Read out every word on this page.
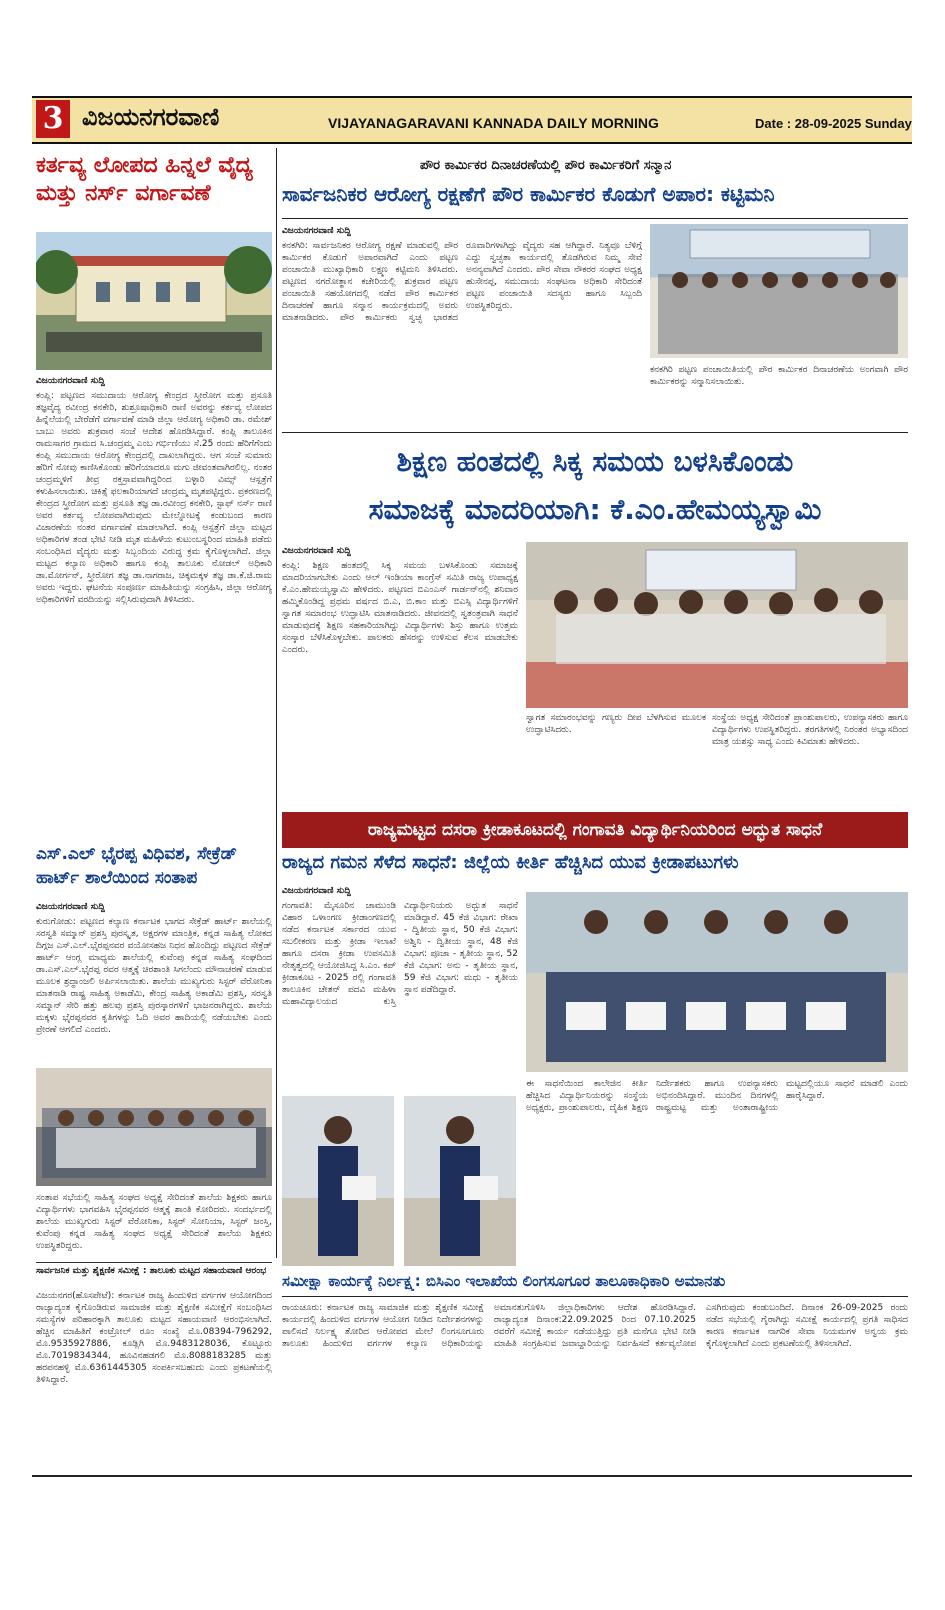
3 ವಿಜಯನಗರವಾಣಿ	VIJAYANAGARAVANI KANNADA DAILY MORNING	Date : 28-09-2025 Sunday
ಕರ್ತವ್ಯ ಲೋಪದ ಹಿನ್ನಲೆ ವೈದ್ಯ ಮತ್ತು ನರ್ಸ್ ವರ್ಗಾವಣೆ
ವಿಜಯನಗರವಾಣಿ ಸುದ್ದಿ
ಕಂಪ್ಲಿ: ಪಟ್ಟಣದ ಸಮುದಾಯ ಆರೋಗ್ಯ ಕೇಂದ್ರದ ಸ್ತ್ರೀರೋಗ ಮತ್ತು ಪ್ರಸೂತಿ ತಜ್ಞವೈದ್ಯ ರವೀಂದ್ರ ಕನಕೇರಿ, ಶುಶ್ರೂಷಾಧಿಕಾರಿ ರಾಣಿ ಅವರನ್ನು ಕರ್ತವ್ಯ ಲೋಪದ ಹಿನ್ನೆಲೆಯಲ್ಲಿ ಬೇರೆಡೆಗೆ ವರ್ಗಾವಣೆ ಮಾಡಿ ಜಿಲ್ಲಾ ಆರೋಗ್ಯ ಅಧಿಕಾರಿ ಡಾ. ರಮೇಶ್ ಬಾಬು ಅವರು ಶುಕ್ರವಾರ ಸಂಜೆ ಆದೇಶ ಹೊರಡಿಸಿದ್ದಾರೆ. ಕಂಪ್ಲಿ ತಾಲೂಕಿನ ರಾಮಸಾಗರ ಗ್ರಾಮದ ಸಿ.ಚಂದ್ರಮ್ಮ ಎಂಬ ಗರ್ಭಿಣಿಯು ಸೆ.25 ರಂದು ಹೆರಿಗೆಗೆಂದು ಕಂಪ್ಲಿ ಸಮುದಾಯ ಆರೋಗ್ಯ ಕೇಂದ್ರದಲ್ಲಿ ದಾಖಲಾಗಿದ್ದರು. ಆಗ ಸಂಜೆ ಸುಮಾರು ಹೆರಿಗೆ ನೋವು ಕಾಣಿಸಿಕೊಂಡು ಹೆರಿಗೆಯಾದರೂ ಮಗು ಜೀವಂತವಾಗಿರಲಿಲ್ಲ. ನಂತರ ಚಂದ್ರಮ್ಮಳಿಗೆ ತೀವ್ರ ರಕ್ತಸ್ರಾವವಾಗಿದ್ದರಿಂದ ಬಳ್ಳಾರಿ ವಿಮ್ಸ್ ಆಸ್ಪತ್ರೆಗೆ ಕಳುಹಿಸಲಾಯಿತು. ಚಿಕಿತ್ಸೆ ಫಲಕಾರಿಯಾಗದೆ ಚಂದ್ರಮ್ಮ ಮೃತಪಟ್ಟಿದ್ದರು. ಪ್ರಕರಣದಲ್ಲಿ ಕೇಂದ್ರದ ಸ್ತ್ರೀರೋಗ ಮತ್ತು ಪ್ರಸೂತಿ ತಜ್ಞ ಡಾ.ರವೀಂದ್ರ ಕನಕೇರಿ, ಸ್ಟಾಫ್ ನರ್ಸ್ ರಾಣಿ ಅವರ ಕರ್ತವ್ಯ ಲೋಪವಾಗಿರುವುದು ಮೇಲ್ನೋಟಕ್ಕೆ ಕಂಡುಬಂದ ಕಾರಣ ವಿಚಾರಣೆಯ ನಂತರ ವರ್ಗಾವಣೆ ಮಾಡಲಾಗಿದೆ. ಕಂಪ್ಲಿ ಆಸ್ಪತ್ರೆಗೆ ಜಿಲ್ಲಾ ಮಟ್ಟದ ಅಧಿಕಾರಿಗಳ ತಂಡ ಭೇಟಿ ನೀಡಿ ಮೃತ ಮಹಿಳೆಯ ಕುಟುಂಬಸ್ಥರಿಂದ ಮಾಹಿತಿ ಪಡೆದು ಸಂಬಂಧಿಸಿದ ವೈದ್ಯರು ಮತ್ತು ಸಿಬ್ಬಂದಿಯ ವಿರುದ್ಧ ಕ್ರಮ ಕೈಗೊಳ್ಳಲಾಗಿದೆ. ಜಿಲ್ಲಾ ಮಟ್ಟದ ಕಲ್ಯಾಣ ಅಧಿಕಾರಿ ಹಾಗೂ ಕಂಪ್ಲಿ ತಾಲೂಕು ನೋಡಲ್ ಅಧಿಕಾರಿ ಡಾ.ಮೋರ್ಗನ್, ಸ್ತ್ರೀರೋಗ ತಜ್ಞ ಡಾ.ನಾಗರಾಜ, ಚಿಕ್ಕಮಕ್ಕಳ ತಜ್ಞ ಡಾ.ಕೆ.ಜಿ.ರಾಮ ಅವರು ಇದ್ದರು. ಘಟನೆಯ ಸಂಪೂರ್ಣ ಮಾಹಿತಿಯನ್ನು ಸಂಗ್ರಹಿಸಿ, ಜಿಲ್ಲಾ ಆರೋಗ್ಯ ಅಧಿಕಾರಿಗಳಿಗೆ ವರದಿಯನ್ನು ಸಲ್ಲಿಸಿರುವುದಾಗಿ ತಿಳಿಸಿದರು.
ಎಸ್.ಎಲ್ ಭೈರಪ್ಪ ವಿಧಿವಶ, ಸೇಕ್ರೆಡ್ ಹಾರ್ಟ್ ಶಾಲೆಯಿಂದ ಸಂತಾಪ
ವಿಜಯನಗರವಾಣಿ ಸುದ್ದಿ
ಕುರುಗೋಡು: ಪಟ್ಟಣದ ಕಲ್ಯಾಣ ಕರ್ನಾಟಕ ಭಾಗದ ಸೇಕ್ರೆಡ್ ಹಾರ್ಟ್ ಶಾಲೆಯಲ್ಲಿ ಸರಸ್ವತಿ ಸಮ್ಮಾನ್ ಪ್ರಶಸ್ತಿ ಪುರಸ್ಕೃತ, ಅಕ್ಷರಗಳ ಮಾಂತ್ರಿಕ, ಕನ್ನಡ ಸಾಹಿತ್ಯ ಲೋಕದ ದಿಗ್ಗಜ ಎಸ್.ಎಲ್.ಭೈರಪ್ಪನವರ ವಯೋಸಹಜ ನಿಧನ ಹೊಂದಿದ್ದು ಪಟ್ಟಣದ ಸೇಕ್ರೆಡ್ ಹಾರ್ಟ್ ಆಂಗ್ಲ ಮಾಧ್ಯಮ ಶಾಲೆಯಲ್ಲಿ ಕುವೆಂಪು ಕನ್ನಡ ಸಾಹಿತ್ಯ ಸಂಘದಿಂದ ಡಾ.ಎಸ್.ಎಲ್.ಭೈರಪ್ಪ ರವರ ಆತ್ಮಕ್ಕೆ ಚಿರಶಾಂತಿ ಸಿಗಲೆಂದು ಮೌನಾಚರಣೆ ಮಾಡುವ ಮೂಲಕ ಶ್ರದ್ಧಾಂಜಲಿ ಅರ್ಪಿಸಲಾಯಿತು. ಶಾಲೆಯ ಮುಖ್ಯಗುರು ಸಿಸ್ಟರ್ ವೆರೋನಿಕಾ ಮಾತನಾಡಿ ರಾಷ್ಟ್ರ ಸಾಹಿತ್ಯ ಅಕಾಡೆಮಿ, ಕೇಂದ್ರ ಸಾಹಿತ್ಯ ಅಕಾಡೆಮಿ ಪ್ರಶಸ್ತಿ, ಸರಸ್ವತಿ ಸಮ್ಮಾನ್ ಸೇರಿ ಹತ್ತು ಹಲವು ಪ್ರಶಸ್ತಿ ಪುರಸ್ಕಾರಗಳಿಗೆ ಭಾಜನರಾಗಿದ್ದರು. ಶಾಲೆಯ ಮಕ್ಕಳು ಭೈರಪ್ಪನವರ ಕೃತಿಗಳನ್ನು ಓದಿ ಅವರ ಹಾದಿಯಲ್ಲಿ ನಡೆಯಬೇಕು ಎಂದು ಪ್ರೇರಣೆ ಆಗಲಿದೆ ಎಂದರು.
ಸಂತಾಪ ಸಭೆಯಲ್ಲಿ ಸಾಹಿತ್ಯ ಸಂಘದ ಅಧ್ಯಕ್ಷೆ ಸೇರಿದಂತೆ ಶಾಲೆಯ ಶಿಕ್ಷಕರು ಹಾಗೂ ವಿದ್ಯಾರ್ಥಿಗಳು ಭಾಗವಹಿಸಿ ಭೈರಪ್ಪನವರ ಆತ್ಮಕ್ಕೆ ಶಾಂತಿ ಕೋರಿದರು. ಸಂದರ್ಭದಲ್ಲಿ ಶಾಲೆಯ ಮುಖ್ಯಗುರು ಸಿಸ್ಟರ್ ವೆರೋನಿಕಾ, ಸಿಸ್ಟರ್ ಸೋನಿಯಾ, ಸಿಸ್ಟರ್ ಜಂಸ್ತಿ, ಕುವೆಂಪು ಕನ್ನಡ ಸಾಹಿತ್ಯ ಸಂಘದ ಅಧ್ಯಕ್ಷೆ ಸೇರಿದಂತೆ ಶಾಲೆಯ ಶಿಕ್ಷಕರು ಉಪಸ್ಥಿತರಿದ್ದರು.
ಸಾರ್ವಜನಿಕ ಮತ್ತು ಶೈಕ್ಷಣಿಕ ಸಮೀಕ್ಷೆ : ತಾಲೂಕು ಮಟ್ಟದ ಸಹಾಯವಾಣಿ ಆರಂಭ
ವಿಜಯನಗರ(ಹೊಸಪೇಟೆ): ಕರ್ನಾಟಕ ರಾಜ್ಯ ಹಿಂದುಳಿದ ವರ್ಗಗಳ ಆಯೋಗದಿಂದ ರಾಜ್ಯಾದ್ಯಂತ ಕೈಗೊಂಡಿರುವ ಸಾಮಾಜಿಕ ಮತ್ತು ಶೈಕ್ಷಣಿಕ ಸಮೀಕ್ಷೆಗೆ ಸಂಬಂಧಿಸಿದ ಸಮಸ್ಯೆಗಳ ಪರಿಹಾರಕ್ಕಾಗಿ ತಾಲೂಕು ಮಟ್ಟದ ಸಹಾಯವಾಣಿ ಆರಂಭಿಸಲಾಗಿದೆ. ಹೆಚ್ಚಿನ ಮಾಹಿತಿಗೆ ಕಂಟ್ರೋಲ್ ರೂಂ ಸಂಖ್ಯೆ ಮೊ.08394-796292, ಮೊ.9535927886, ಕೂಡ್ಲಿಗಿ ಮೊ.9483128036, ಕೊಟ್ಟೂರು ಮೊ.7019834344, ಹೂವಿನಹಡಗಲಿ ಮೊ.8088183285 ಮತ್ತು ಹರಪನಹಳ್ಳಿ ಮೊ.6361445305 ಸಂಪರ್ಕಿಸಬಹುದು ಎಂದು ಪ್ರಕಟಣೆಯಲ್ಲಿ ತಿಳಿಸಿದ್ದಾರೆ.
ಪೌರ ಕಾರ್ಮಿಕರ ದಿನಾಚರಣೆಯಲ್ಲಿ ಪೌರ ಕಾರ್ಮಿಕರಿಗೆ ಸನ್ಮಾನ
ಸಾರ್ವಜನಿಕರ ಆರೋಗ್ಯ ರಕ್ಷಣೆಗೆ ಪೌರ ಕಾರ್ಮಿಕರ ಕೊಡುಗೆ ಅಪಾರ: ಕಟ್ಟಿಮನಿ
ವಿಜಯನಗರವಾಣಿ ಸುದ್ದಿ
ಕನಕಗಿರಿ: ಸಾರ್ವಜನಿಕರ ಆರೋಗ್ಯ ರಕ್ಷಣೆ ಮಾಡುವಲ್ಲಿ ಪೌರ ಕಾರ್ಮಿಕರ ಕೊಡುಗೆ ಅಪಾರವಾಗಿದೆ ಎಂದು ಪಟ್ಟಣ ಪಂಚಾಯಿತಿ ಮುಖ್ಯಾಧಿಕಾರಿ ಲಕ್ಷ್ಮಣ ಕಟ್ಟಿಮನಿ ತಿಳಿಸಿದರು. ಪಟ್ಟಣದ ನಗರೋತ್ಥಾನ ಕಚೇರಿಯಲ್ಲಿ ಶುಕ್ರವಾರ ಪಟ್ಟಣ ಪಂಚಾಯಿತಿ ಸಹಯೋಗದಲ್ಲಿ ನಡೆದ ಪೌರ ಕಾರ್ಮಿಕರ ದಿನಾಚರಣೆ ಹಾಗೂ ಸನ್ಮಾನ ಕಾರ್ಯಕ್ರಮದಲ್ಲಿ ಅವರು ಮಾತನಾಡಿದರು. ಪೌರ ಕಾರ್ಮಿಕರು ಸ್ವಚ್ಛ ಭಾರತದ ರೂವಾರಿಗಳಾಗಿದ್ದು ವೈದ್ಯರು ಸಹ ಆಗಿದ್ದಾರೆ. ನಿತ್ಯವೂ ಬೆಳಿಗ್ಗೆ ಎದ್ದು ಸ್ವಚ್ಛತಾ ಕಾರ್ಯದಲ್ಲಿ ತೊಡಗಿರುವ ನಿಮ್ಮ ಸೇವೆ ಅನನ್ಯವಾಗಿದೆ ಎಂದರು. ಪೌರ ಸೇವಾ ನೌಕರರ ಸಂಘದ ಅಧ್ಯಕ್ಷ ಹುಸೇನಪ್ಪ, ಸಮುದಾಯ ಸಂಘಟನಾ ಅಧಿಕಾರಿ ಸೇರಿದಂತೆ ಪಟ್ಟಣ ಪಂಚಾಯಿತಿ ಸದಸ್ಯರು ಹಾಗೂ ಸಿಬ್ಬಂದಿ ಉಪಸ್ಥಿತರಿದ್ದರು.
ಕನಕಗಿರಿ ಪಟ್ಟಣ ಪಂಚಾಯಿತಿಯಲ್ಲಿ ಪೌರ ಕಾರ್ಮಿಕರ ದಿನಾಚರಣೆಯ ಅಂಗವಾಗಿ ಪೌರ ಕಾರ್ಮಿಕರನ್ನು ಸನ್ಮಾನಿಸಲಾಯಿತು.
ಶಿಕ್ಷಣ ಹಂತದಲ್ಲಿ ಸಿಕ್ಕ ಸಮಯ ಬಳಸಿಕೊಂಡು
ಸಮಾಜಕ್ಕೆ ಮಾದರಿಯಾಗಿ: ಕೆ.ಎಂ.ಹೇಮಯ್ಯಸ್ವಾಮಿ
ವಿಜಯನಗರವಾಣಿ ಸುದ್ದಿ
ಕಂಪ್ಲಿ: ಶಿಕ್ಷಣ ಹಂತದಲ್ಲಿ ಸಿಕ್ಕ ಸಮಯ ಬಳಸಿಕೊಂಡು ಸಮಾಜಕ್ಕೆ ಮಾದರಿಯಾಗಬೇಕು ಎಂದು ಆಲ್ ಇಂಡಿಯಾ ಕಾಂಗ್ರೆಸ್ ಸಮಿತಿ ರಾಜ್ಯ ಉಪಾಧ್ಯಕ್ಷ ಕೆ.ಎಂ.ಹೇಮಯ್ಯಸ್ವಾಮಿ ಹೇಳಿದರು. ಪಟ್ಟಣದ ಬಿಎಂಎಸ್ ಗಾರ್ಡನ್‌ನಲ್ಲಿ ಶನಿವಾರ ಹಮ್ಮಿಕೊಂಡಿದ್ದ ಪ್ರಥಮ ವರ್ಷದ ಬಿ.ಎ, ಬಿ.ಕಾಂ ಮತ್ತು ಬಿಎಸ್ಸಿ ವಿದ್ಯಾರ್ಥಿಗಳಿಗೆ ಸ್ವಾಗತ ಸಮಾರಂಭ ಉದ್ಘಾಟಿಸಿ ಮಾತನಾಡಿದರು. ಜೀವನದಲ್ಲಿ ಸ್ವತಂತ್ರವಾಗಿ ಸಾಧನೆ ಮಾಡುವುದಕ್ಕೆ ಶಿಕ್ಷಣ ಸಹಕಾರಿಯಾಗಿದ್ದು ವಿದ್ಯಾರ್ಥಿಗಳು ಶಿಸ್ತು ಹಾಗೂ ಉತ್ತಮ ಸಂಸ್ಕಾರ ಬೆಳೆಸಿಕೊಳ್ಳಬೇಕು. ಪಾಲಕರು ಹೆಸರನ್ನು ಉಳಿಸುವ ಕೆಲಸ ಮಾಡಬೇಕು ಎಂದರು.
ಸ್ವಾಗತ ಸಮಾರಂಭವನ್ನು ಗಣ್ಯರು ದೀಪ ಬೆಳಗಿಸುವ ಮೂಲಕ ಉದ್ಘಾಟಿಸಿದರು.
ಸಂಸ್ಥೆಯ ಅಧ್ಯಕ್ಷ ಸೇರಿದಂತೆ ಪ್ರಾಂಶುಪಾಲರು, ಉಪನ್ಯಾಸಕರು ಹಾಗೂ ವಿದ್ಯಾರ್ಥಿಗಳು ಉಪಸ್ಥಿತರಿದ್ದರು. ತರಗತಿಗಳಲ್ಲಿ ನಿರಂತರ ಅಭ್ಯಾಸದಿಂದ ಮಾತ್ರ ಯಶಸ್ಸು ಸಾಧ್ಯ ಎಂದು ಕಿವಿಮಾತು ಹೇಳಿದರು.
ರಾಜ್ಯಮಟ್ಟದ ದಸರಾ ಕ್ರೀಡಾಕೂಟದಲ್ಲಿ ಗಂಗಾವತಿ ವಿದ್ಯಾರ್ಥಿನಿಯರಿಂದ ಅದ್ಭುತ ಸಾಧನೆ
ರಾಜ್ಯದ ಗಮನ ಸೆಳೆದ ಸಾಧನೆ: ಜಿಲ್ಲೆಯ ಕೀರ್ತಿ ಹೆಚ್ಚಿಸಿದ ಯುವ ಕ್ರೀಡಾಪಟುಗಳು
ವಿಜಯನಗರವಾಣಿ ಸುದ್ದಿ
ಗಂಗಾವತಿ: ಮೈಸೂರಿನ ಚಾಮುಂಡಿ ವಿಹಾರ ಒಳಾಂಗಣ ಕ್ರೀಡಾಂಗಣದಲ್ಲಿ ನಡೆದ ಕರ್ನಾಟಕ ಸರ್ಕಾರದ ಯುವ ಸಬಲೀಕರಣ ಮತ್ತು ಕ್ರೀಡಾ ಇಲಾಖೆ ಹಾಗೂ ದಸರಾ ಕ್ರೀಡಾ ಉಪಸಮಿತಿ ನೇತೃತ್ವದಲ್ಲಿ ಆಯೋಜಿಸಿದ್ದ ಸಿ.ಎಂ. ಕಪ್ ಕ್ರೀಡಾಕೂಟ - 2025 ರಲ್ಲಿ ಗಂಗಾವತಿ ತಾಲೂಕಿನ ಚೇತನ್ ಪದವಿ ಮಹಿಳಾ ಮಹಾವಿದ್ಯಾಲಯದ ಕುಸ್ತಿ ವಿದ್ಯಾರ್ಥಿನಿಯರು ಅದ್ಭುತ ಸಾಧನೆ ಮಾಡಿದ್ದಾರೆ. 45 ಕೆಜಿ ವಿಭಾಗ: ರೇಖಾ - ದ್ವಿತೀಯ ಸ್ಥಾನ, 50 ಕೆಜಿ ವಿಭಾಗ: ಅಶ್ವಿನಿ - ದ್ವಿತೀಯ ಸ್ಥಾನ, 48 ಕೆಜಿ ವಿಭಾಗ: ಪೂಜಾ - ತೃತೀಯ ಸ್ಥಾನ, 52 ಕೆಜಿ ವಿಭಾಗ: ಅನು - ತೃತೀಯ ಸ್ಥಾನ, 59 ಕೆಜಿ ವಿಭಾಗ: ಮಧು - ತೃತೀಯ ಸ್ಥಾನ ಪಡೆದಿದ್ದಾರೆ.
ಈ ಸಾಧನೆಯಿಂದ ಕಾಲೇಜಿನ ಕೀರ್ತಿ ಹೆಚ್ಚಿಸಿದ ವಿದ್ಯಾರ್ಥಿನಿಯರನ್ನು ಸಂಸ್ಥೆಯ ಅಧ್ಯಕ್ಷರು, ಪ್ರಾಂಶುಪಾಲರು, ದೈಹಿಕ ಶಿಕ್ಷಣ ನಿರ್ದೇಶಕರು ಹಾಗೂ ಉಪನ್ಯಾಸಕರು ಅಭಿನಂದಿಸಿದ್ದಾರೆ. ಮುಂದಿನ ದಿನಗಳಲ್ಲಿ ರಾಷ್ಟ್ರಮಟ್ಟ ಮತ್ತು ಅಂತಾರಾಷ್ಟ್ರೀಯ ಮಟ್ಟದಲ್ಲಿಯೂ ಸಾಧನೆ ಮಾಡಲಿ ಎಂದು ಹಾರೈಸಿದ್ದಾರೆ.
ಸಮೀಕ್ಷಾ ಕಾರ್ಯಕ್ಕೆ ನಿರ್ಲಕ್ಷ್ಯ: ಬಿಸಿಎಂ ಇಲಾಖೆಯ ಲಿಂಗಸೂಗೂರ ತಾಲೂಕಾಧಿಕಾರಿ ಅಮಾನತು
ರಾಯಚೂರು: ಕರ್ನಾಟಕ ರಾಜ್ಯ ಸಾಮಾಜಿಕ ಮತ್ತು ಶೈಕ್ಷಣಿಕ ಸಮೀಕ್ಷೆ ಕಾರ್ಯದಲ್ಲಿ ಹಿಂದುಳಿದ ವರ್ಗಗಳ ಆಯೋಗ ನೀಡಿದ ನಿರ್ದೇಶನಗಳನ್ನು ಪಾಲಿಸದೆ ನಿರ್ಲಕ್ಷ್ಯ ತೋರಿದ ಆರೋಪದ ಮೇಲೆ ಲಿಂಗಸೂಗೂರು ತಾಲೂಕು ಹಿಂದುಳಿದ ವರ್ಗಗಳ ಕಲ್ಯಾಣ ಅಧಿಕಾರಿಯನ್ನು ಅಮಾನತುಗೊಳಿಸಿ ಜಿಲ್ಲಾಧಿಕಾರಿಗಳು ಆದೇಶ ಹೊರಡಿಸಿದ್ದಾರೆ. ರಾಜ್ಯಾದ್ಯಂತ ದಿನಾಂಕ:22.09.2025 ರಿಂದ 07.10.2025 ರವರೆಗೆ ಸಮೀಕ್ಷೆ ಕಾರ್ಯ ನಡೆಯುತ್ತಿದ್ದು ಪ್ರತಿ ಮನೆಗೂ ಭೇಟಿ ನೀಡಿ ಮಾಹಿತಿ ಸಂಗ್ರಹಿಸುವ ಜವಾಬ್ದಾರಿಯನ್ನು ನಿರ್ವಹಿಸದೆ ಕರ್ತವ್ಯಲೋಪ ಎಸಗಿರುವುದು ಕಂಡುಬಂದಿದೆ. ದಿನಾಂಕ 26-09-2025 ರಂದು ನಡೆದ ಸಭೆಯಲ್ಲಿ ಗೈರಾಗಿದ್ದು ಸಮೀಕ್ಷೆ ಕಾರ್ಯದಲ್ಲಿ ಪ್ರಗತಿ ಸಾಧಿಸದ ಕಾರಣ ಕರ್ನಾಟಕ ನಾಗರಿಕ ಸೇವಾ ನಿಯಮಗಳ ಅನ್ವಯ ಕ್ರಮ ಕೈಗೊಳ್ಳಲಾಗಿದೆ ಎಂದು ಪ್ರಕಟಣೆಯಲ್ಲಿ ತಿಳಿಸಲಾಗಿದೆ.
